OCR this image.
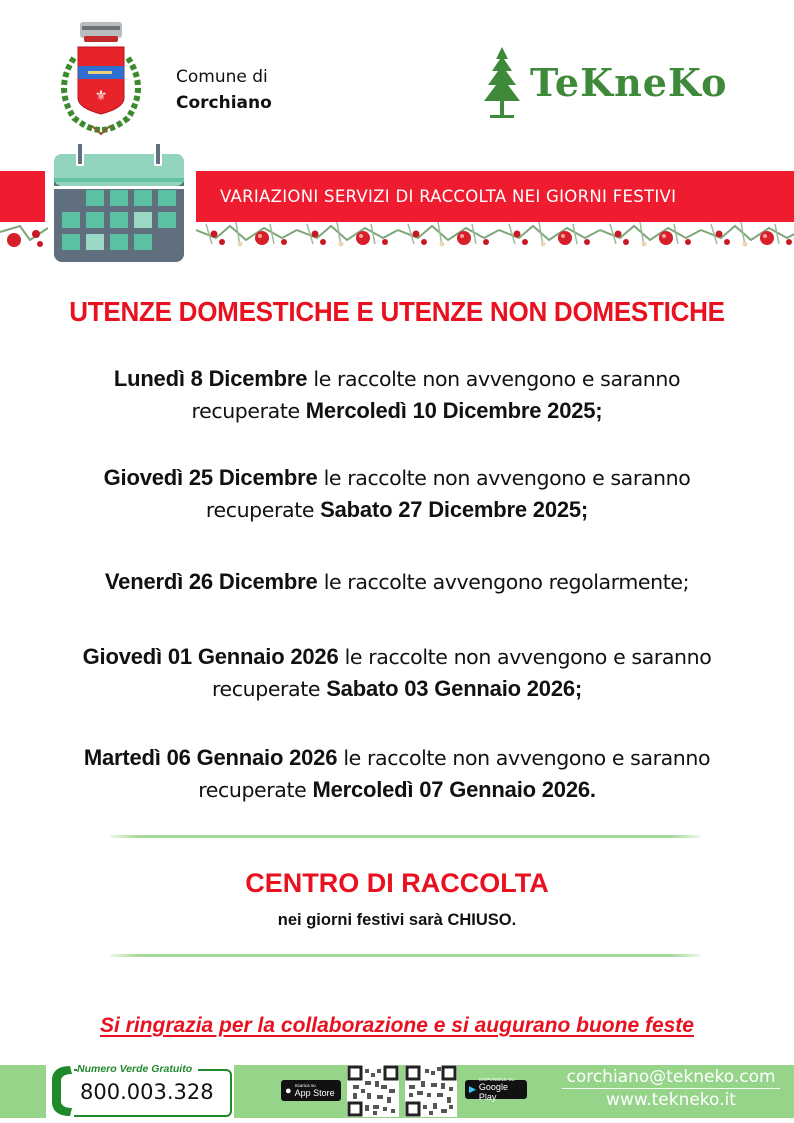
⚜
Comune di
Corchiano	TeKneKo
VARIAZIONI SERVIZI DI RACCOLTA NEI GIORNI FESTIVI
UTENZE DOMESTICHE E UTENZE NON DOMESTICHE
Lunedì 8 Dicembre le raccolte non avvengono e saranno
recuperate Mercoledì 10 Dicembre 2025;
Giovedì 25 Dicembre le raccolte non avvengono e saranno
recuperate Sabato 27 Dicembre 2025;
Venerdì 26 Dicembre le raccolte avvengono regolarmente;
Giovedì 01 Gennaio 2026 le raccolte non avvengono e saranno
recuperate Sabato 03 Gennaio 2026;
Martedì 06 Gennaio 2026 le raccolte non avvengono e saranno
recuperate Mercoledì 07 Gennaio 2026.
CENTRO DI RACCOLTA
nei giorni festivi sarà CHIUSO.
Si ringrazia per la collaborazione e si augurano buone feste
Numero Verde Gratuito
800.003.328	● Scarica su
App Store	▶
DISPONIBILE SU
Google Play
corchiano@tekneko.com
www.tekneko.it
